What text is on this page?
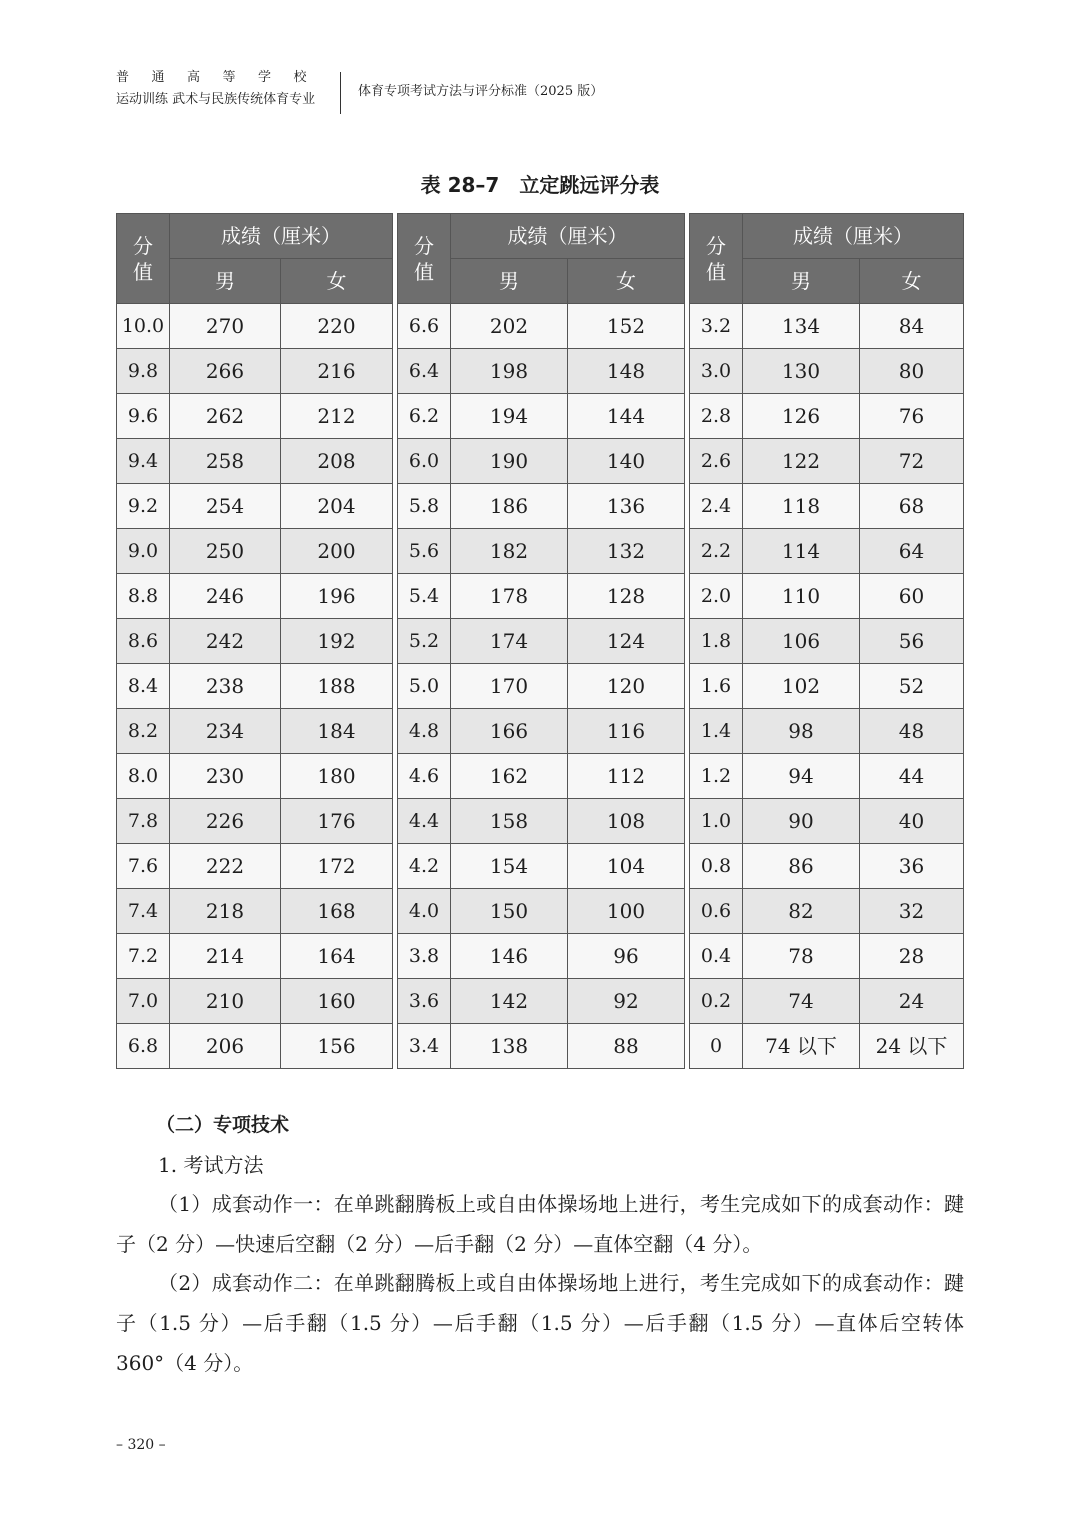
普通高等学校
运动训练 武术与民族传统体育专业
体育专项考试方法与评分标准（2025 版）
表 28–7　立定跳远评分表
分
值	成绩（厘米）	
	男	女
10.0	270	220
9.8	266	216
9.6	262	212
9.4	258	208
9.2	254	204
9.0	250	200
8.8	246	196
8.6	242	192
8.4	238	188
8.2	234	184
8.0	230	180
7.8	226	176
7.6	222	172
7.4	218	168
7.2	214	164
7.0	210	160
6.8	206	156
分
值	成绩（厘米）	
	男	女
6.6	202	152
6.4	198	148
6.2	194	144
6.0	190	140
5.8	186	136
5.6	182	132
5.4	178	128
5.2	174	124
5.0	170	120
4.8	166	116
4.6	162	112
4.4	158	108
4.2	154	104
4.0	150	100
3.8	146	96
3.6	142	92
3.4	138	88
分
值	成绩（厘米）	
	男	女
3.2	134	84
3.0	130	80
2.8	126	76
2.6	122	72
2.4	118	68
2.2	114	64
2.0	110	60
1.8	106	56
1.6	102	52
1.4	98	48
1.2	94	44
1.0	90	40
0.8	86	36
0.6	82	32
0.4	78	28
0.2	74	24
0	74 以下	24 以下
（二）专项技术
1. 考试方法
（1）成套动作一：在单跳翻腾板上或自由体操场地上进行，考生完成如下的成套动作：踺子（2 分）—快速后空翻（2 分）—后手翻（2 分）—直体空翻（4 分）。
（2）成套动作二：在单跳翻腾板上或自由体操场地上进行，考生完成如下的成套动作：踺子（1.5 分）—后手翻（1.5 分）—后手翻（1.5 分）—后手翻（1.5 分）—直体后空转体 360°（4 分）。
– 320 –
